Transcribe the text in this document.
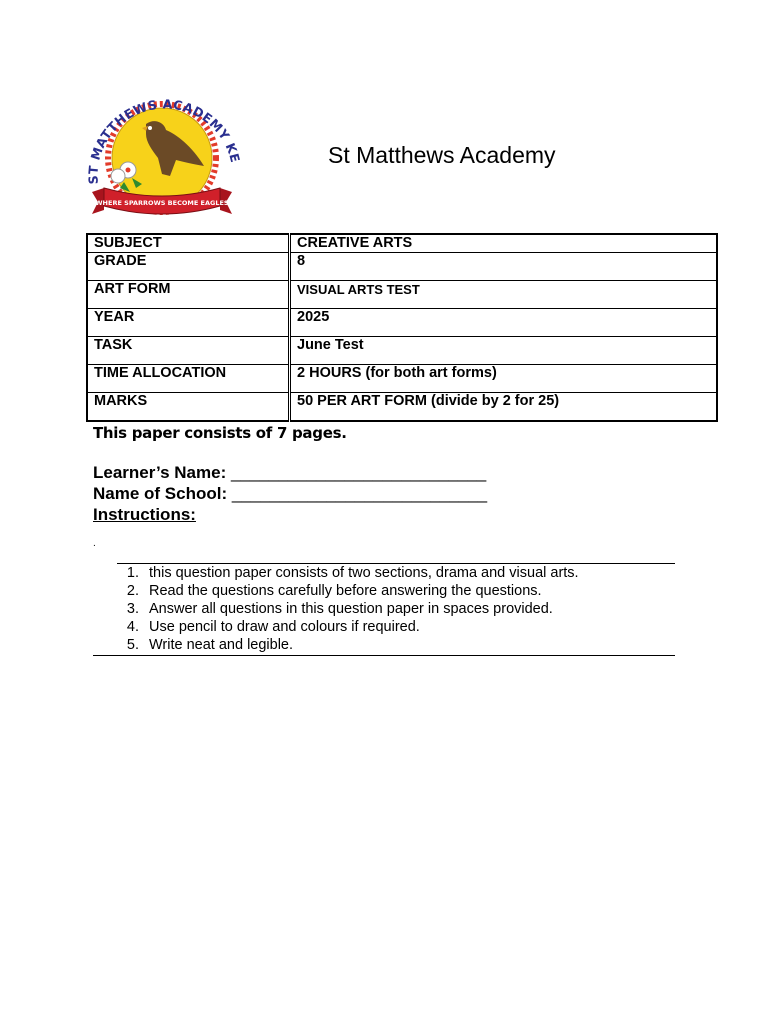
ST MATTHEWS ACADEMY K
WHERE SPARROWS BECOME EAGLES
St Matthews Academy
SUBJECT	CREATIVE ARTS
GRADE	8
ART FORM	VISUAL ARTS TEST
YEAR	2025
TASK	June Test
TIME ALLOCATION	2 HOURS (for both art forms)
MARKS	50 PER ART FORM (divide by 2 for 25)
This paper consists of 7 pages.
Learner’s Name: ___________________________
Name of School: ___________________________
Instructions:
.
1. this question paper consists of two sections, drama and visual arts.
2. Read the questions carefully before answering the questions.
3. Answer all questions in this question paper in spaces provided.
4. Use pencil to draw and colours if required.
5. Write neat and legible.
